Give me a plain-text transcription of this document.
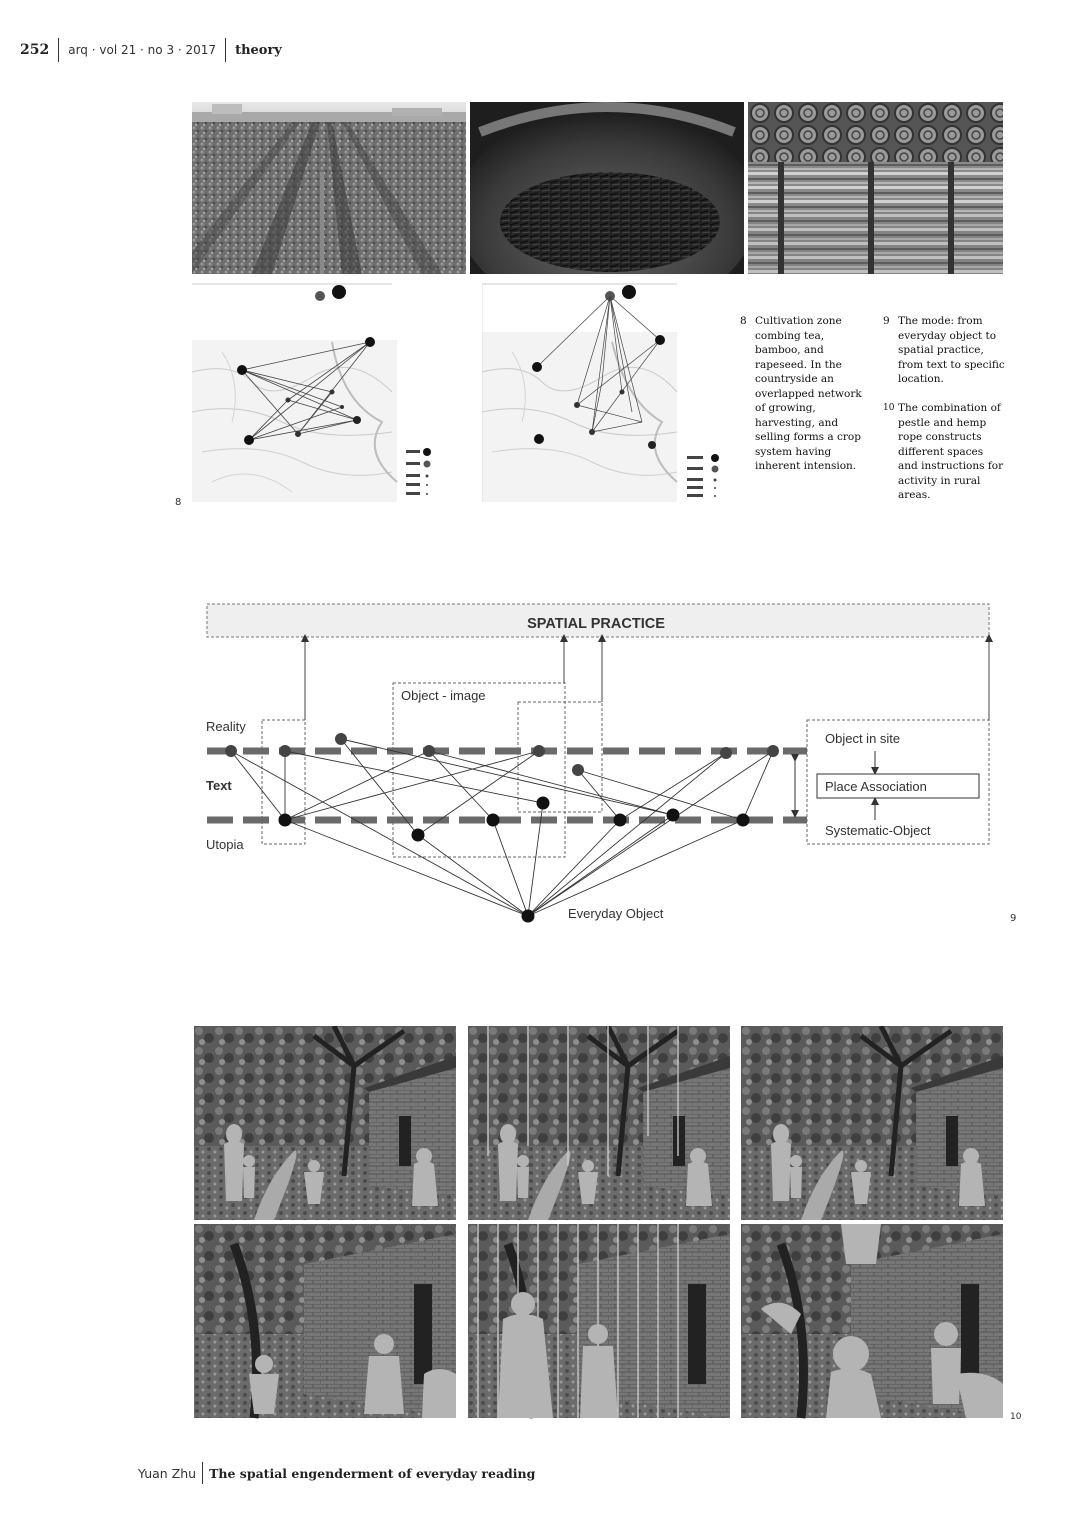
252 arq · vol 21 · no 3 · 2017 theory
8
8 Cultivation zone combing tea, bamboo, and rapeseed. In the countryside an overlapped network of growing, harvesting, and selling forms a crop system having inherent intension.
9 The mode: from everyday object to spatial practice, from text to specific location.
10 The combination of pestle and hemp rope constructs different spaces and instructions for activity in rural areas.
SPATIAL PRACTICE
Object - image
Reality
Text
Utopia
Everyday Object
Object in site
Place Association
Systematic-Object
9
10
Yuan Zhu The spatial engenderment of everyday reading
